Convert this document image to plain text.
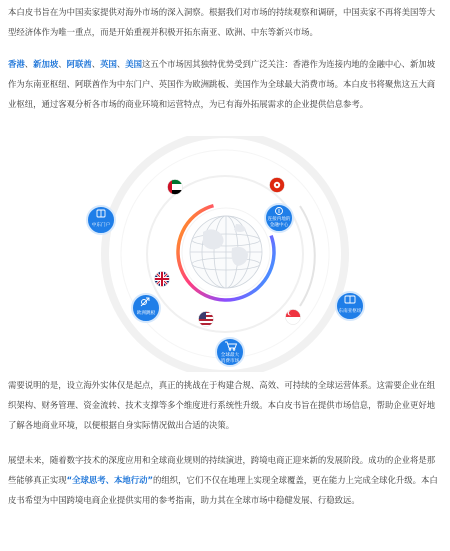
本白皮书旨在为中国卖家提供对海外市场的深入洞察。根据我们对市场的持续观察和调研，中国卖家不再将美国等大型经济体作为唯一重点，而是开始重视并积极开拓东南亚、欧洲、中东等新兴市场。

香港、新加坡、阿联酋、英国、美国这五个市场因其独特优势受到广泛关注：香港作为连接内地的金融中心、新加坡作为东南亚枢纽、阿联酋作为中东门户、英国作为欧洲跳板、美国作为全球最大消费市场。本白皮书将聚焦这五大商业枢纽，通过客观分析各市场的商业环境和运营特点，为已有海外拓展需求的企业提供信息参考。

中东门户
连接内地的
金融中心
欧洲跳板	东南亚枢纽
全球最大
消费市场

需要说明的是，设立海外实体仅是起点，真正的挑战在于构建合规、高效、可持续的全球运营体系。这需要企业在组织架构、财务管理、资金流转、技术支撑等多个维度进行系统性升级。本白皮书旨在提供市场信息，帮助企业更好地了解各地商业环境，以便根据自身实际情况做出合适的决策。

展望未来，随着数字技术的深度应用和全球商业规则的持续演进，跨境电商正迎来新的发展阶段。成功的企业将是那些能够真正实现“全球思考、本地行动”的组织，它们不仅在地理上实现全球覆盖，更在能力上完成全球化升级。本白皮书希望为中国跨境电商企业提供实用的参考指南，助力其在全球市场中稳健发展、行稳致远。
